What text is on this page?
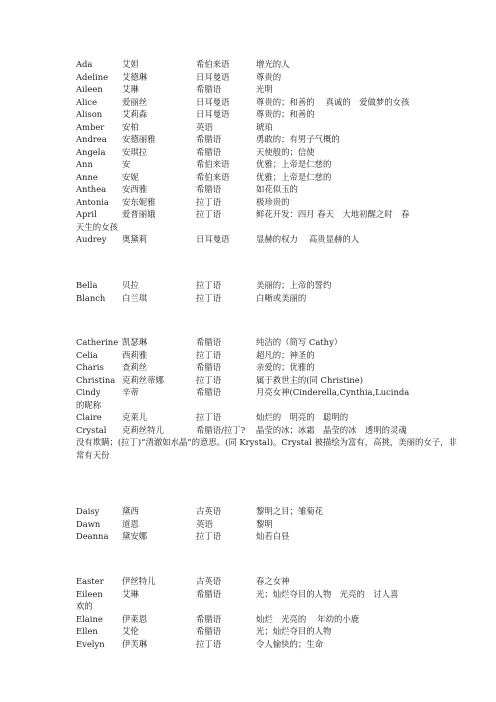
Ada	艾妲	希伯来语	增光的人
Adeline 艾德琳	日耳曼语	尊贵的
Aileen 艾琳	希腊语	光明
Alice	爱丽丝	日耳曼语	尊贵的；和善的　 真诚的　爱做梦的女孩
Alison 艾莉森	日耳曼语	尊贵的；和善的
Amber 安柏	英语	琥珀
Andrea 安德丽雅	希腊语	勇敢的；有男子气概的
Angela 安琪拉	希腊语	天使般的；信使
Ann	安	希伯来语	优雅；上帝是仁慈的
Anne	安妮	希伯来语	优雅；上帝是仁慈的
Anthea 安西雅	希腊语	如花似玉的
Antonia 安东妮雅	拉丁语	极珍贵的
April	爱普丽娥	拉丁语	鲜花开发：四月 春天　大地初醒之时　春
天生的女孩
Audrey 奥黛莉	日耳曼语	显赫的权力　 高贵显赫的人
Bella	贝拉	拉丁语	美丽的；上帝的誓约
Blanch 白兰琪	拉丁语	白晰或美丽的
Catherine 凯瑟琳	希腊语	纯洁的（简写 Cathy）
Celia	西莉雅	拉丁语	超凡的；神圣的
Charis 查莉丝	希腊语	亲爱的；优雅的
Christina 克莉丝蒂娜	拉丁语	属于救世主的(同 Christine)
Cindy	辛蒂	希腊语	月亮女神(Cinderella,Cynthia,Lucinda
的昵称
Claire 克莱儿	拉丁语	灿烂的　明亮的　聪明的
Crystal 克莉丝特儿	希腊语/拉丁? 晶莹的冰；冰霜　晶莹的冰　透明的灵魂
没有欺瞒；(拉丁)“清澈如水晶”的意思。(同 Krystal)。Crystal 被描绘为富有，高挑，美丽的女子，非常有天份
Daisy	黛西	古英语	黎明之目；雏菊花
Dawn	道恩	英语	黎明
Deanna 黛安娜	拉丁语	灿若白昼
Easter 伊丝特儿	古英语	春之女神
Eileen 艾琳	希腊语	光；灿烂夺目的人物　光亮的　讨人喜
欢的
Elaine 伊莱恩	希腊语	灿烂　光亮的　 年幼的小鹿
Ellen	艾伦	希腊语	光；灿烂夺目的人物
Evelyn 伊芙琳	拉丁语	令人愉快的；生命
